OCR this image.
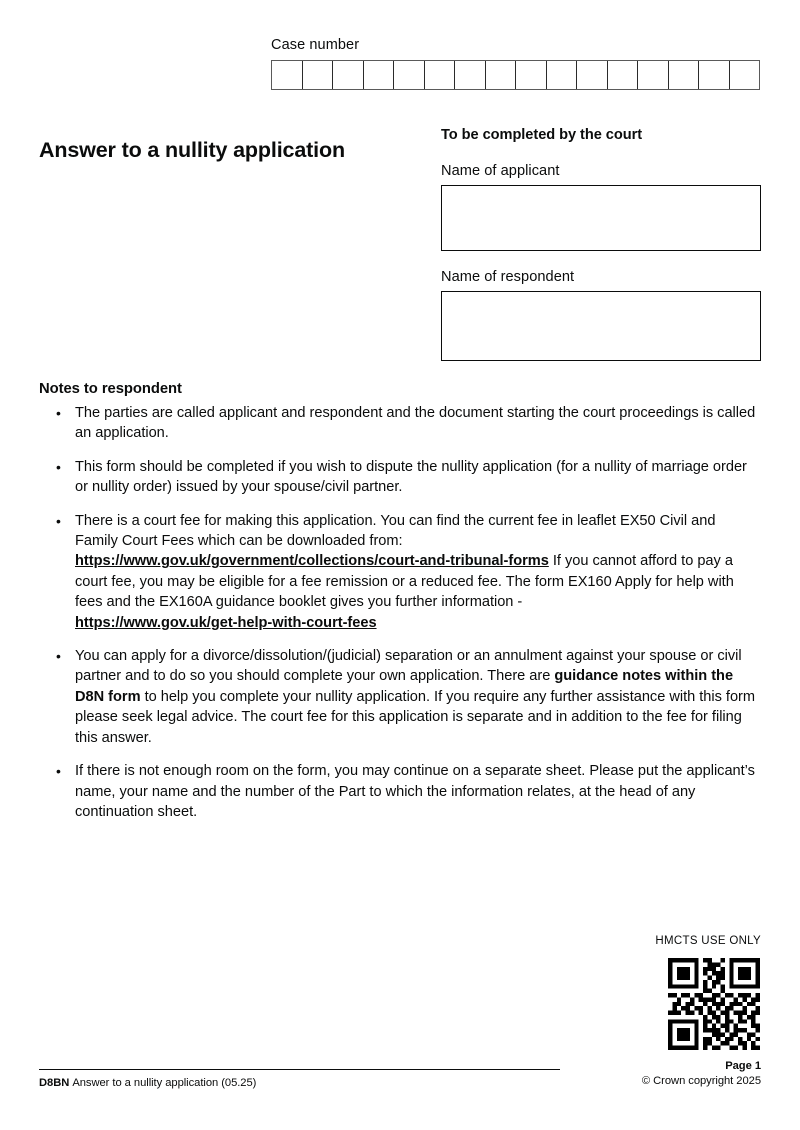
Case number
Answer to a nullity application
To be completed by the court
Name of applicant
Name of respondent
Notes to respondent
• The parties are called applicant and respondent and the document starting the court proceedings is called an application.
• This form should be completed if you wish to dispute the nullity application (for a nullity of marriage order or nullity order) issued by your spouse/civil partner.
• There is a court fee for making this application. You can find the current fee in leaflet EX50 Civil and Family Court Fees which can be downloaded from: https://www.gov.uk/government/collections/court-and-tribunal-forms If you cannot afford to pay a court fee, you may be eligible for a fee remission or a reduced fee. The form EX160 Apply for help with fees and the EX160A guidance booklet gives you further information - https://www.gov.uk/get-help-with-court-fees
• You can apply for a divorce/dissolution/(judicial) separation or an annulment against your spouse or civil partner and to do so you should complete your own application. There are guidance notes within the D8N form to help you complete your nullity application. If you require any further assistance with this form please seek legal advice. The court fee for this application is separate and in addition to the fee for filing this answer.
• If there is not enough room on the form, you may continue on a separate sheet. Please put the applicant’s name, your name and the number of the Part to which the information relates, at the head of any continuation sheet.
HMCTS USE ONLY
D8BN Answer to a nullity application (05.25)
Page 1
© Crown copyright 2025
